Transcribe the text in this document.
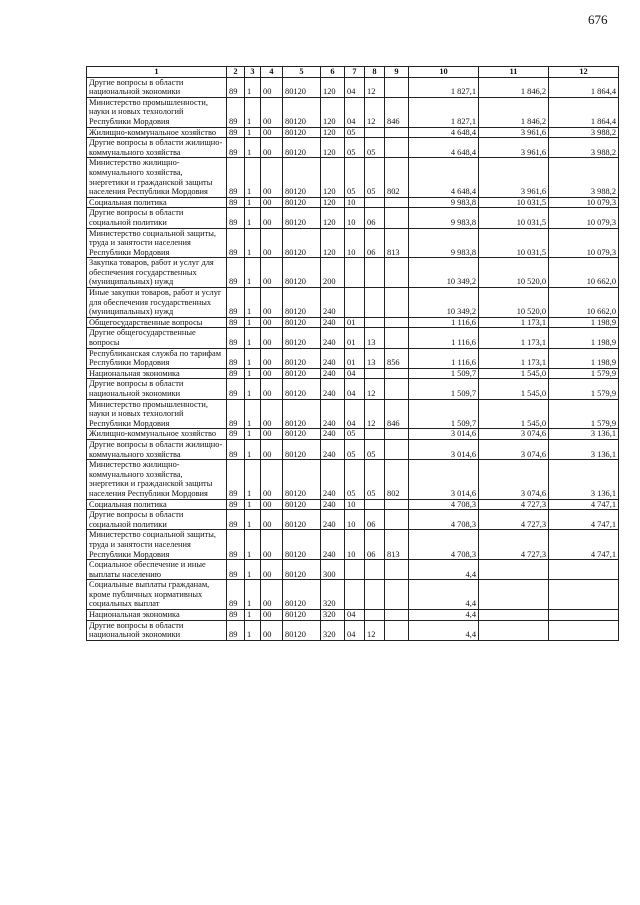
676
1	2	3	4	5	6	7	8	9	10	11	12
Другие вопросы в области национальной экономики	89	1	00	80120	120	04	12		1 827,1	1 846,2	1 864,4
Министерство промышленности, науки и новых технологий Республики Мордовия	89	1	00	80120	120	04	12	846	1 827,1	1 846,2	1 864,4
Жилищно-коммунальное хозяйство	89	1	00	80120	120	05			4 648,4	3 961,6	3 988,2
Другие вопросы в области жилищно-коммунального хозяйства	89	1	00	80120	120	05	05		4 648,4	3 961,6	3 988,2
Министерство жилищно-коммунального хозяйства, энергетики и гражданской защиты населения Республики Мордовия	89	1	00	80120	120	05	05	802	4 648,4	3 961,6	3 988,2
Социальная политика	89	1	00	80120	120	10			9 983,8	10 031,5	10 079,3
Другие вопросы в области социальной политики	89	1	00	80120	120	10	06		9 983,8	10 031,5	10 079,3
Министерство социальной защиты, труда и занятости населения Республики Мордовия	89	1	00	80120	120	10	06	813	9 983,8	10 031,5	10 079,3
Закупка товаров, работ и услуг для обеспечения государственных (муниципальных) нужд	89	1	00	80120	200				10 349,2	10 520,0	10 662,0
Иные закупки товаров, работ и услуг для обеспечения государственных (муниципальных) нужд	89	1	00	80120	240				10 349,2	10 520,0	10 662,0
Общегосударственные вопросы	89	1	00	80120	240	01			1 116,6	1 173,1	1 198,9
Другие общегосударственные вопросы	89	1	00	80120	240	01	13		1 116,6	1 173,1	1 198,9
Республиканская служба по тарифам Республики Мордовия	89	1	00	80120	240	01	13	856	1 116,6	1 173,1	1 198,9
Национальная экономика	89	1	00	80120	240	04			1 509,7	1 545,0	1 579,9
Другие вопросы в области национальной экономики	89	1	00	80120	240	04	12		1 509,7	1 545,0	1 579,9
Министерство промышленности, науки и новых технологий Республики Мордовия	89	1	00	80120	240	04	12	846	1 509,7	1 545,0	1 579,9
Жилищно-коммунальное хозяйство	89	1	00	80120	240	05			3 014,6	3 074,6	3 136,1
Другие вопросы в области жилищно-коммунального хозяйства	89	1	00	80120	240	05	05		3 014,6	3 074,6	3 136,1
Министерство жилищно-коммунального хозяйства, энергетики и гражданской защиты населения Республики Мордовия	89	1	00	80120	240	05	05	802	3 014,6	3 074,6	3 136,1
Социальная политика	89	1	00	80120	240	10			4 708,3	4 727,3	4 747,1
Другие вопросы в области социальной политики	89	1	00	80120	240	10	06		4 708,3	4 727,3	4 747,1
Министерство социальной защиты, труда и занятости населения Республики Мордовия	89	1	00	80120	240	10	06	813	4 708,3	4 727,3	4 747,1
Социальное обеспечение и иные выплаты населению	89	1	00	80120	300				4,4		
Социальные выплаты гражданам, кроме публичных нормативных социальных выплат	89	1	00	80120	320				4,4		
Национальная экономика	89	1	00	80120	320	04			4,4		
Другие вопросы в области национальной экономики	89	1	00	80120	320	04	12		4,4		
